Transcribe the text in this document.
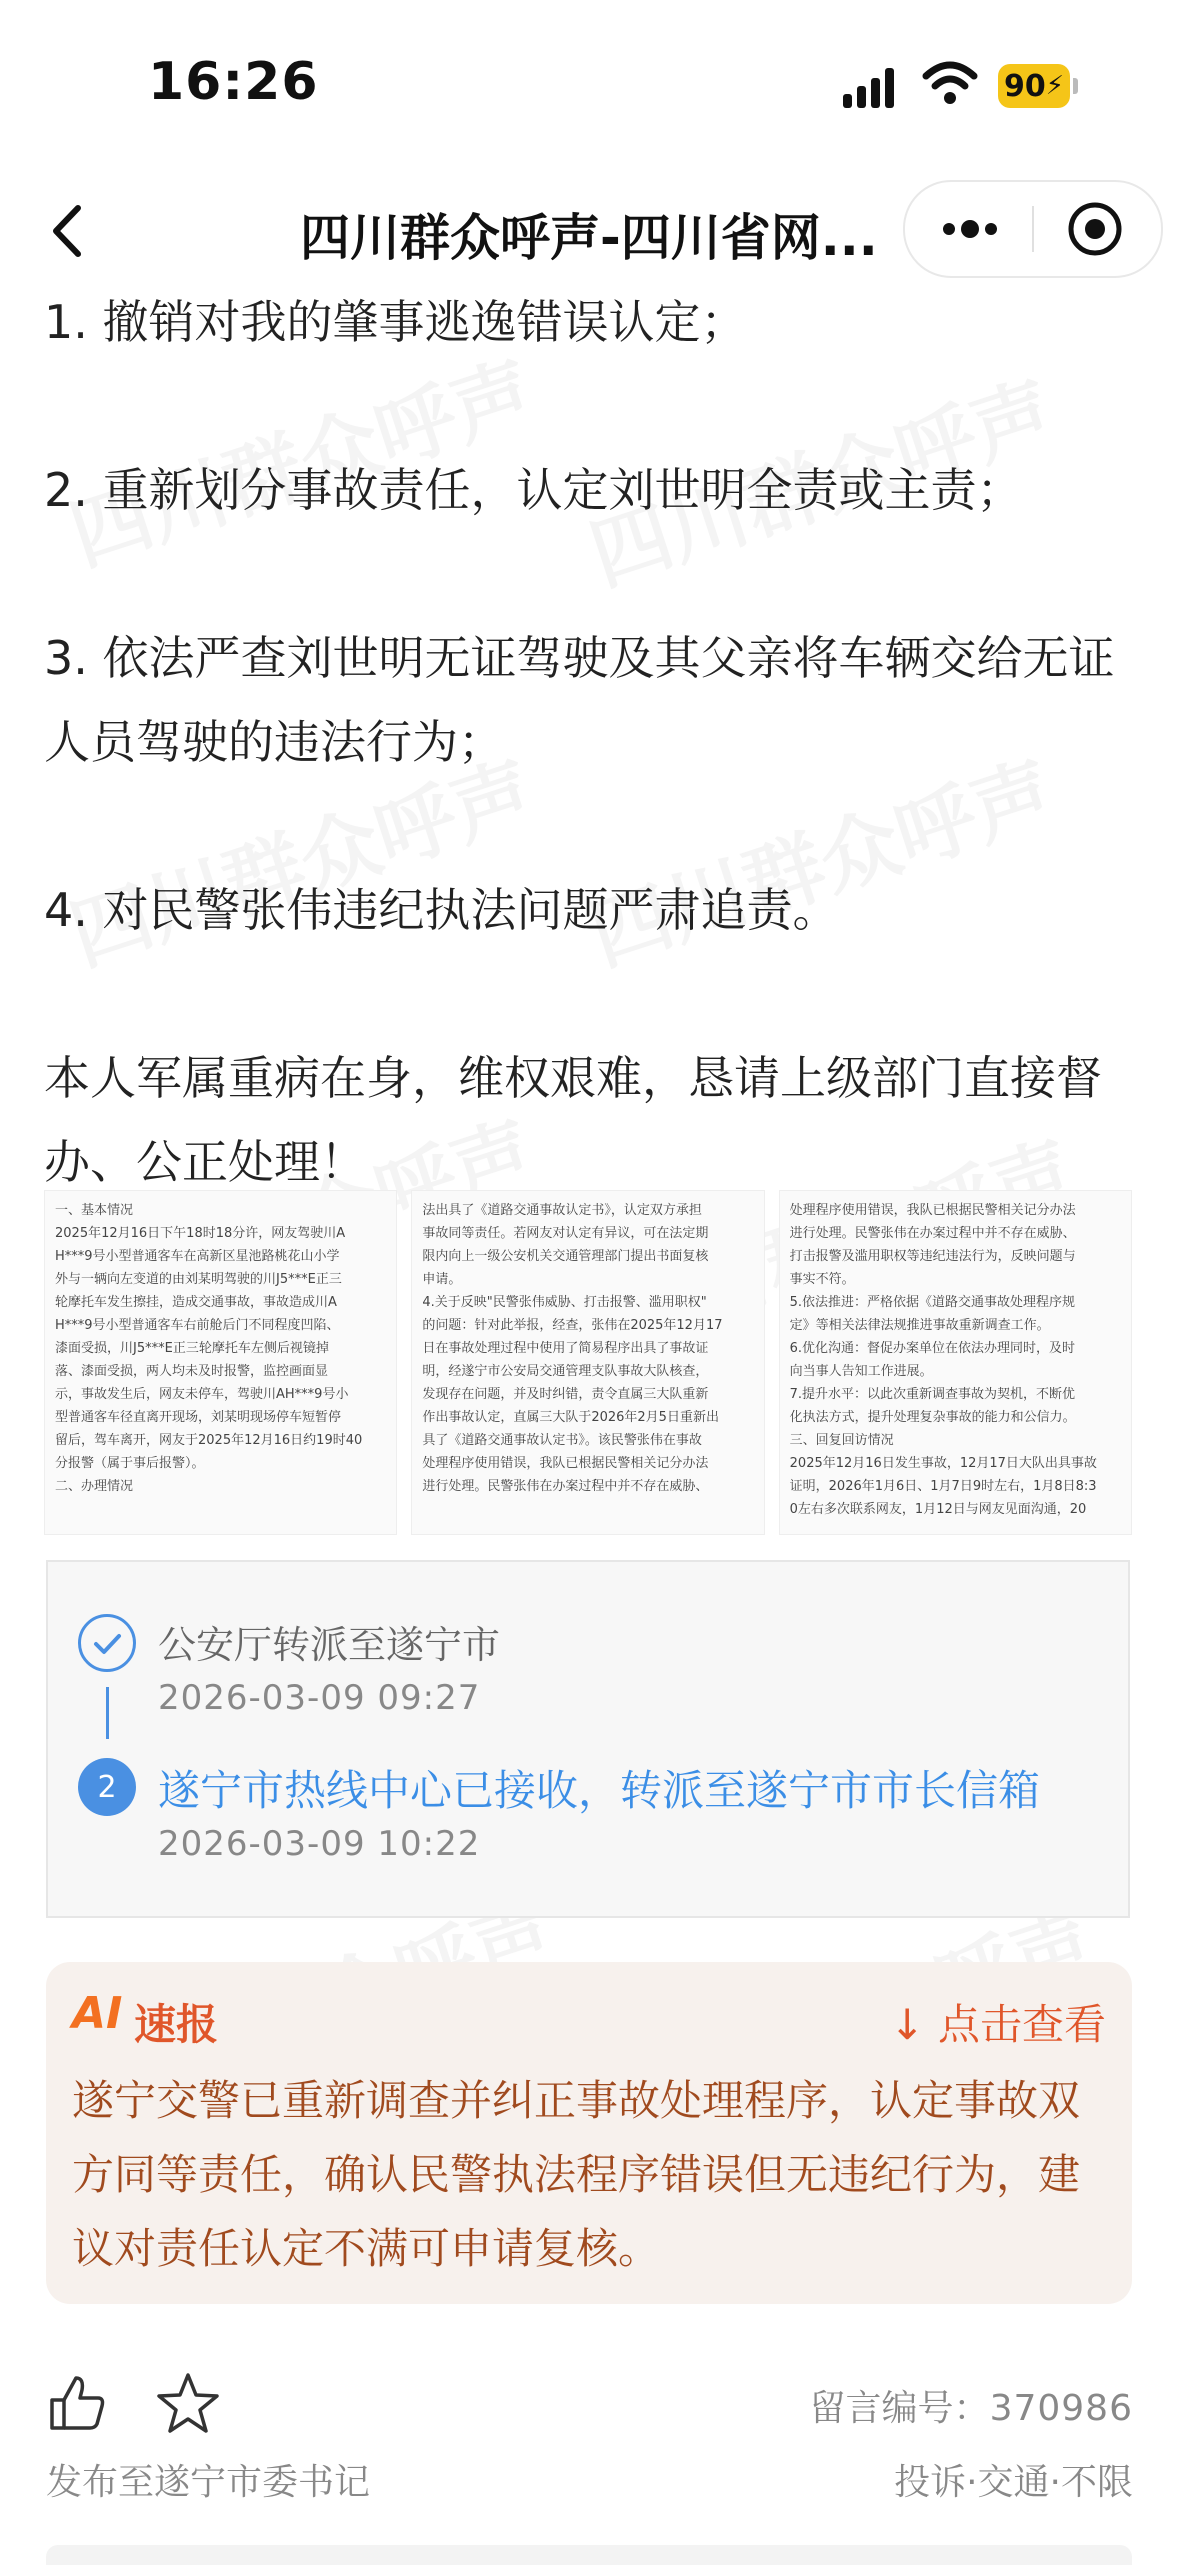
16:26	90 ⚡
四川群众呼声-四川省网...

1. 撤销对我的肇事逃逸错误认定；

2. 重新划分事故责任，认定刘世明全责或主责；

3. 依法严查刘世明无证驾驶及其父亲将车辆交给无证人员驾驶的违法行为；

4. 对民警张伟违纪执法问题严肃追责。

本人军属重病在身，维权艰难，恳请上级部门直接督办、公正处理！

一、基本情况

2025年12月16日下午18时18分许，网友驾驶川A

H***9号小型普通客车在高新区星池路桃花山小学

外与一辆向左变道的由刘某明驾驶的川J5***E正三

轮摩托车发生擦挂，造成交通事故，事故造成川A

H***9号小型普通客车右前舱后门不同程度凹陷、

漆面受损，川J5***E正三轮摩托车左侧后视镜掉

落、漆面受损，两人均未及时报警，监控画面显

示，事故发生后，网友未停车，驾驶川AH***9号小

型普通客车径直离开现场，刘某明现场停车短暂停

留后，驾车离开，网友于2025年12月16日约19时40

分报警（属于事后报警）。

二、办理情况

法出具了《道路交通事故认定书》，认定双方承担

事故同等责任。若网友对认定有异议，可在法定期

限内向上一级公安机关交通管理部门提出书面复核

申请。

4.关于反映"民警张伟威胁、打击报警、滥用职权"

的问题：针对此举报，经查，张伟在2025年12月17

日在事故处理过程中使用了简易程序出具了事故证

明，经遂宁市公安局交通管理支队事故大队核查，

发现存在问题，并及时纠错，责令直属三大队重新

作出事故认定，直属三大队于2026年2月5日重新出

具了《道路交通事故认定书》。该民警张伟在事故

处理程序使用错误，我队已根据民警相关记分办法

进行处理。民警张伟在办案过程中并不存在威胁、

处理程序使用错误，我队已根据民警相关记分办法

进行处理。民警张伟在办案过程中并不存在威胁、

打击报警及滥用职权等违纪违法行为，反映问题与

事实不符。

5.依法推进：严格依据《道路交通事故处理程序规

定》等相关法律法规推进事故重新调查工作。

6.优化沟通：督促办案单位在依法办理同时，及时

向当事人告知工作进展。

7.提升水平：以此次重新调查事故为契机，不断优

化执法方式，提升处理复杂事故的能力和公信力。

三、回复回访情况

2025年12月16日发生事故，12月17日大队出具事故

证明，2026年1月6日、1月7日9时左右，1月8日8:3

0左右多次联系网友，1月12日与网友见面沟通，20

公安厅转派至遂宁市
2026-03-09 09:27
2 遂宁市热线中心已接收，转派至遂宁市市长信箱
2026-03-09 10:22
AI 速报	↓ 点击查看
遂宁交警已重新调查并纠正事故处理程序，认定事故双方同等责任，确认民警执法程序错误但无违纪行为，建议对责任认定不满可申请复核。
留言编号：370986
发布至遂宁市委书记	投诉·交通·不限
